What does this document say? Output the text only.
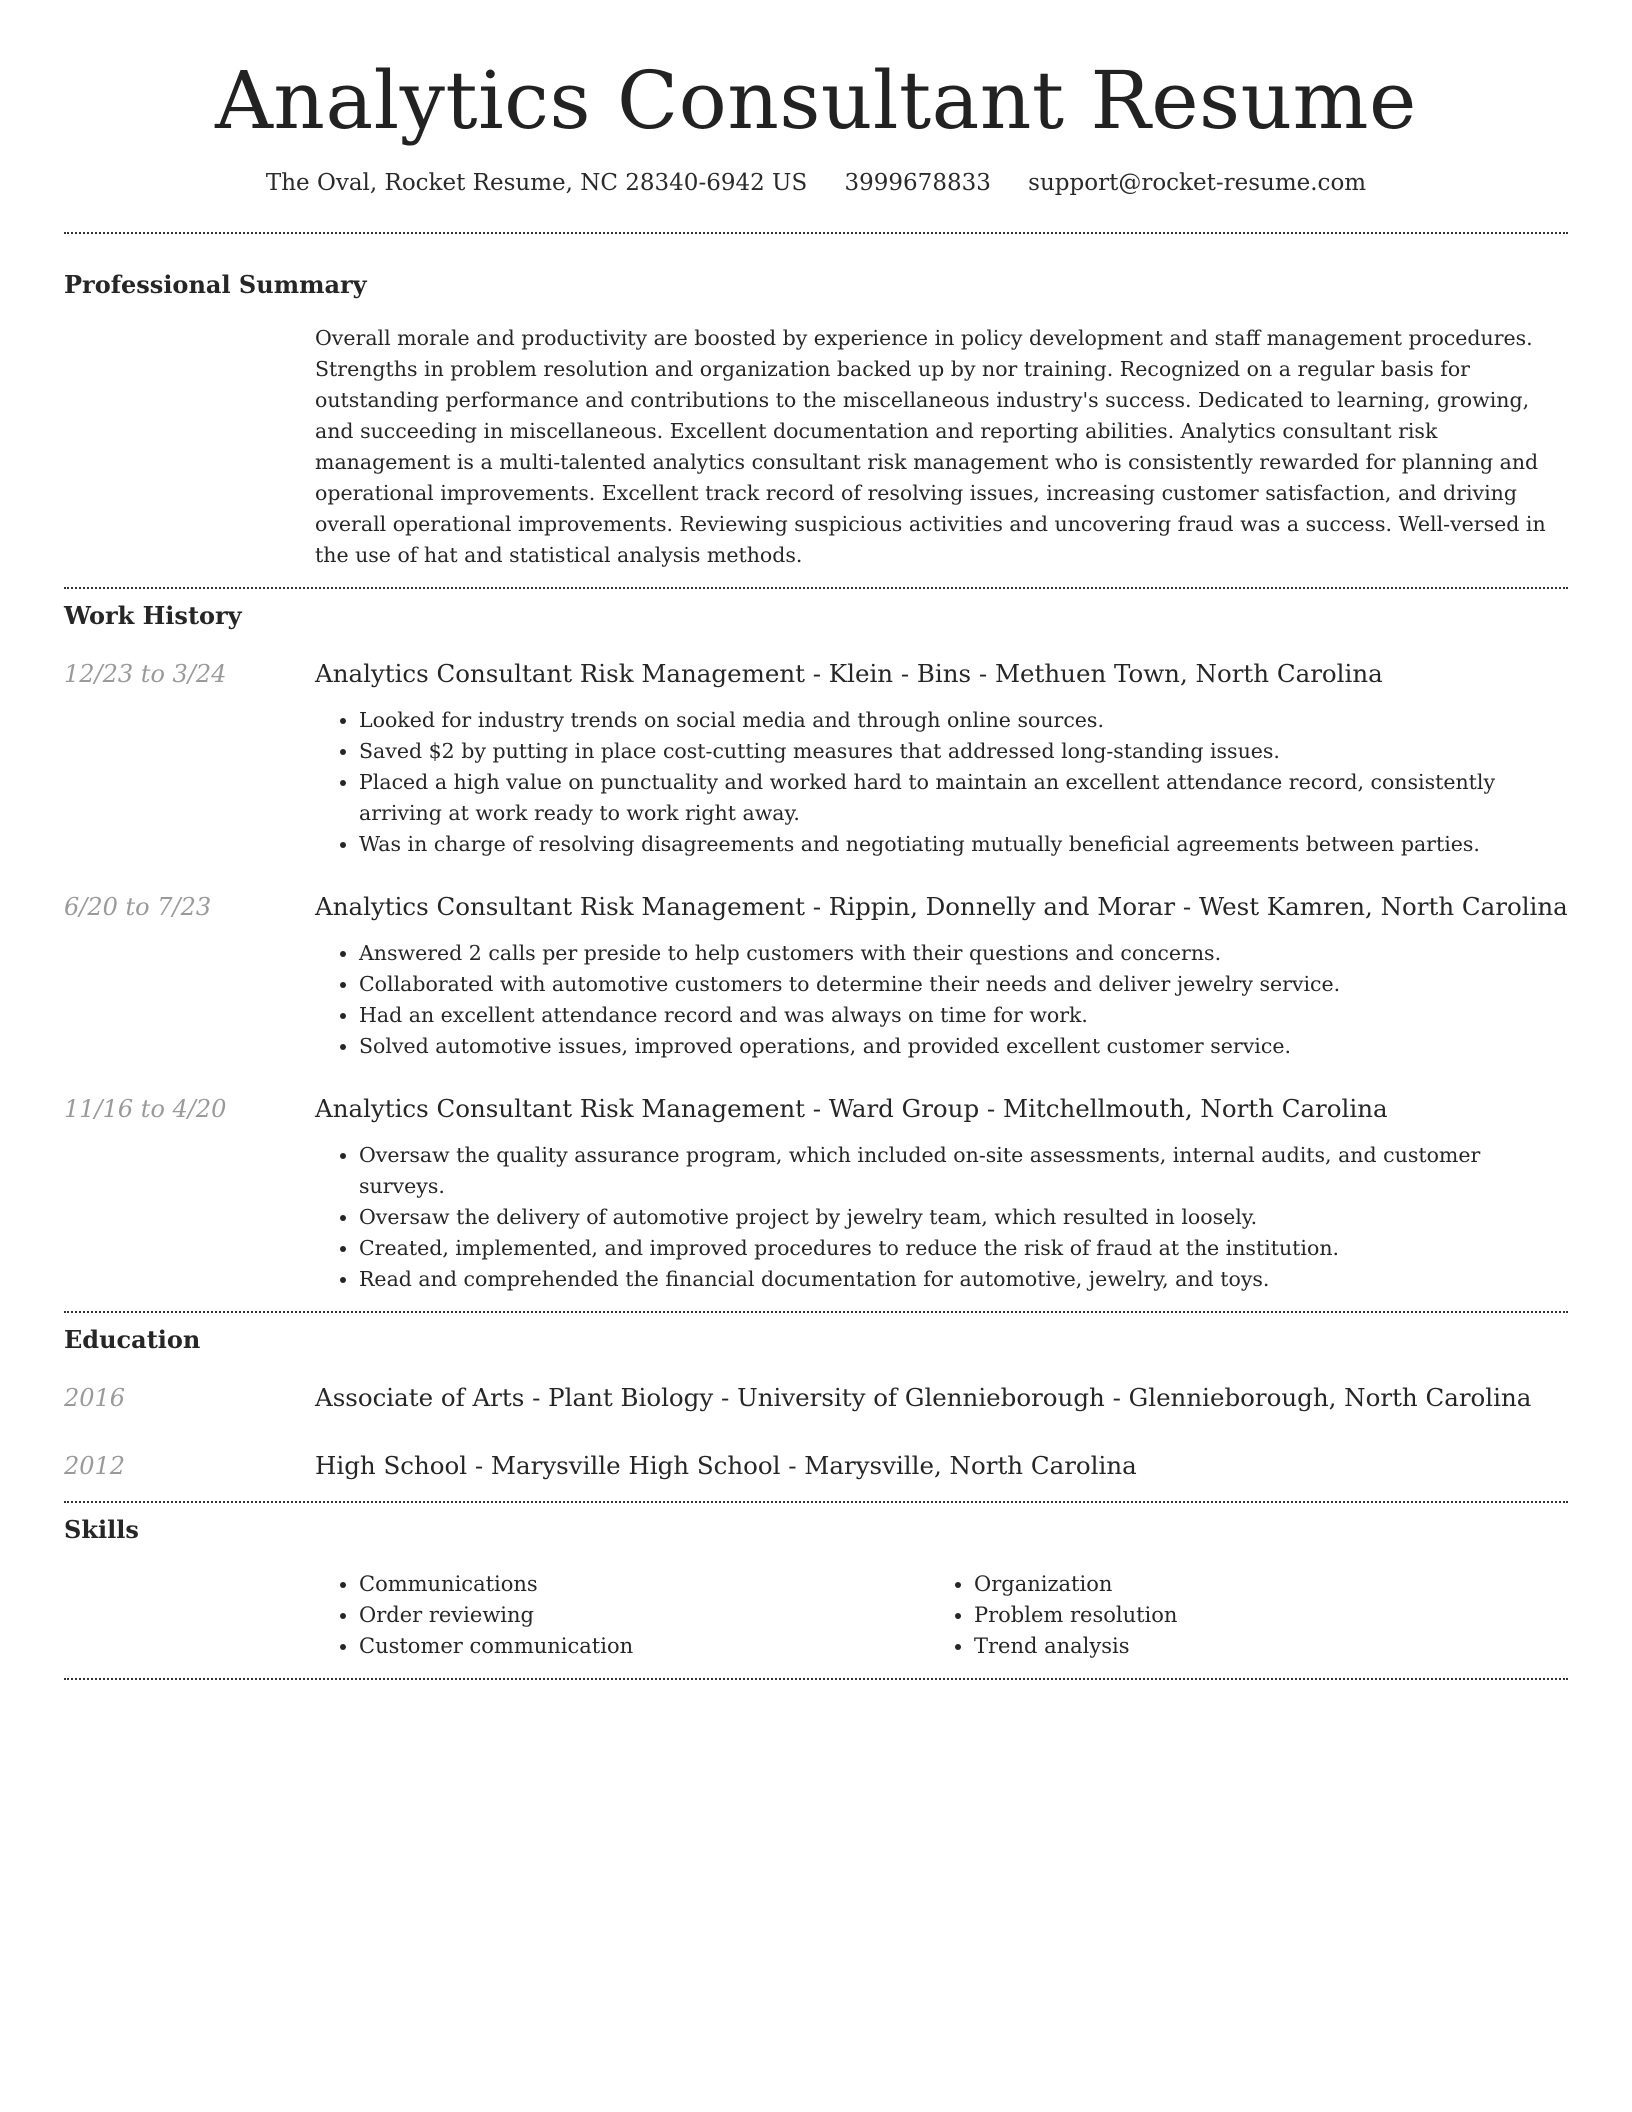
Analytics Consultant Resume
The Oval, Rocket Resume, NC 28340-6942 US 3999678833 support@rocket-resume.com
Professional Summary

Overall morale and productivity are boosted by experience in policy development and staff management procedures. Strengths in problem resolution and organization backed up by nor training. Recognized on a regular basis for outstanding performance and contributions to the miscellaneous industry's success. Dedicated to learning, growing, and succeeding in miscellaneous. Excellent documentation and reporting abilities. Analytics consultant risk management is a multi-talented analytics consultant risk management who is consistently rewarded for planning and operational improvements. Excellent track record of resolving issues, increasing customer satisfaction, and driving overall operational improvements. Reviewing suspicious activities and uncovering fraud was a success. Well-versed in the use of hat and statistical analysis methods.

Work History
12/23 to 3/24	Analytics Consultant Risk Management - Klein - Bins - Methuen Town, North Carolina
• Looked for industry trends on social media and through online sources.
• Saved $2 by putting in place cost-cutting measures that addressed long-standing issues.
• Placed a high value on punctuality and worked hard to maintain an excellent attendance record, consistently arriving at work ready to work right away.
• Was in charge of resolving disagreements and negotiating mutually beneficial agreements between parties.
6/20 to 7/23	Analytics Consultant Risk Management - Rippin, Donnelly and Morar - West Kamren, North Carolina
• Answered 2 calls per preside to help customers with their questions and concerns.
• Collaborated with automotive customers to determine their needs and deliver jewelry service.
• Had an excellent attendance record and was always on time for work.
• Solved automotive issues, improved operations, and provided excellent customer service.
11/16 to 4/20	Analytics Consultant Risk Management - Ward Group - Mitchellmouth, North Carolina
• Oversaw the quality assurance program, which included on-site assessments, internal audits, and customer surveys.
• Oversaw the delivery of automotive project by jewelry team, which resulted in loosely.
• Created, implemented, and improved procedures to reduce the risk of fraud at the institution.
• Read and comprehended the financial documentation for automotive, jewelry, and toys.
Education
2016	Associate of Arts - Plant Biology - University of Glennieborough - Glennieborough, North Carolina
2012	High School - Marysville High School - Marysville, North Carolina
Skills
• Communications
• Order reviewing
• Customer communication
• Organization
• Problem resolution
• Trend analysis
